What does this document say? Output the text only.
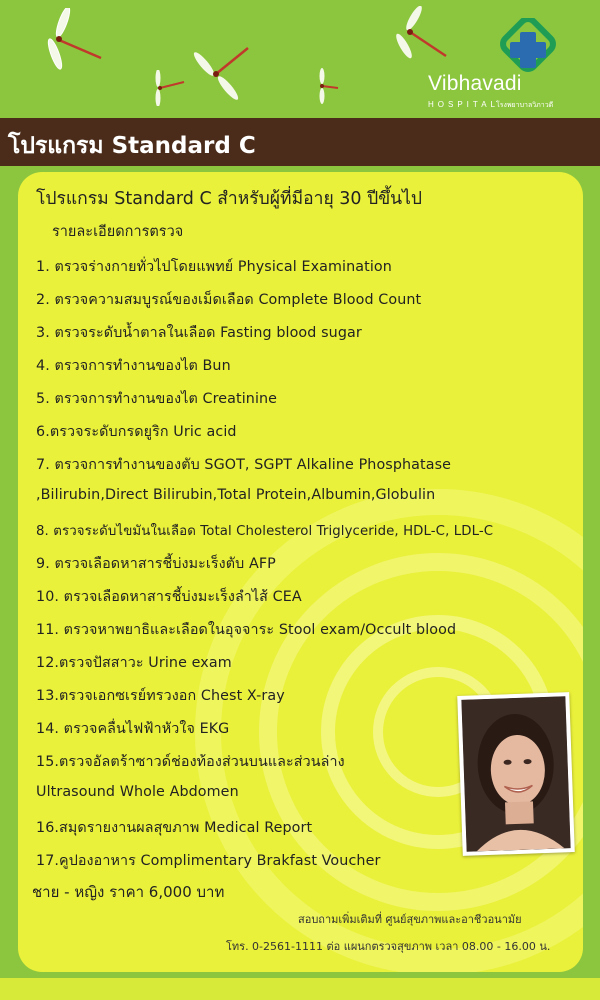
Vibhavadi
HOSPITAL
โรงพยาบาลวิภาวดี
โปรแกรม Standard C
โปรแกรม Standard C สำหรับผู้ที่มีอายุ 30 ปีขึ้นไป
รายละเอียดการตรวจ
1. ตรวจร่างกายทั่วไปโดยแพทย์ Physical Examination
2. ตรวจความสมบูรณ์ของเม็ดเลือด Complete Blood Count
3. ตรวจระดับน้ำตาลในเลือด Fasting blood sugar
4. ตรวจการทำงานของไต Bun
5. ตรวจการทำงานของไต Creatinine
6.ตรวจระดับกรดยูริก Uric acid
7. ตรวจการทำงานของตับ SGOT, SGPT Alkaline Phosphatase
,Bilirubin,Direct Bilirubin,Total Protein,Albumin,Globulin
8. ตรวจระดับไขมันในเลือด Total Cholesterol Triglyceride, HDL-C, LDL-C
9. ตรวจเลือดหาสารชี้บ่งมะเร็งตับ AFP
10. ตรวจเลือดหาสารชี้บ่งมะเร็งลำไส้ CEA
11. ตรวจหาพยาธิและเลือดในอุจจาระ Stool exam/Occult blood
12.ตรวจปัสสาวะ Urine exam
13.ตรวจเอกซเรย์ทรวงอก Chest X-ray
14. ตรวจคลื่นไฟฟ้าหัวใจ EKG
15.ตรวจอัลตร้าซาวด์ช่องท้องส่วนบนและส่วนล่าง
Ultrasound Whole Abdomen
16.สมุดรายงานผลสุขภาพ Medical Report
17.คูปองอาหาร Complimentary Brakfast Voucher
ชาย - หญิง ราคา 6,000 บาท
สอบถามเพิ่มเติมที่ ศูนย์สุขภาพและอาชีวอนามัย
โทร. 0-2561-1111 ต่อ แผนกตรวจสุขภาพ เวลา 08.00 - 16.00 น.
